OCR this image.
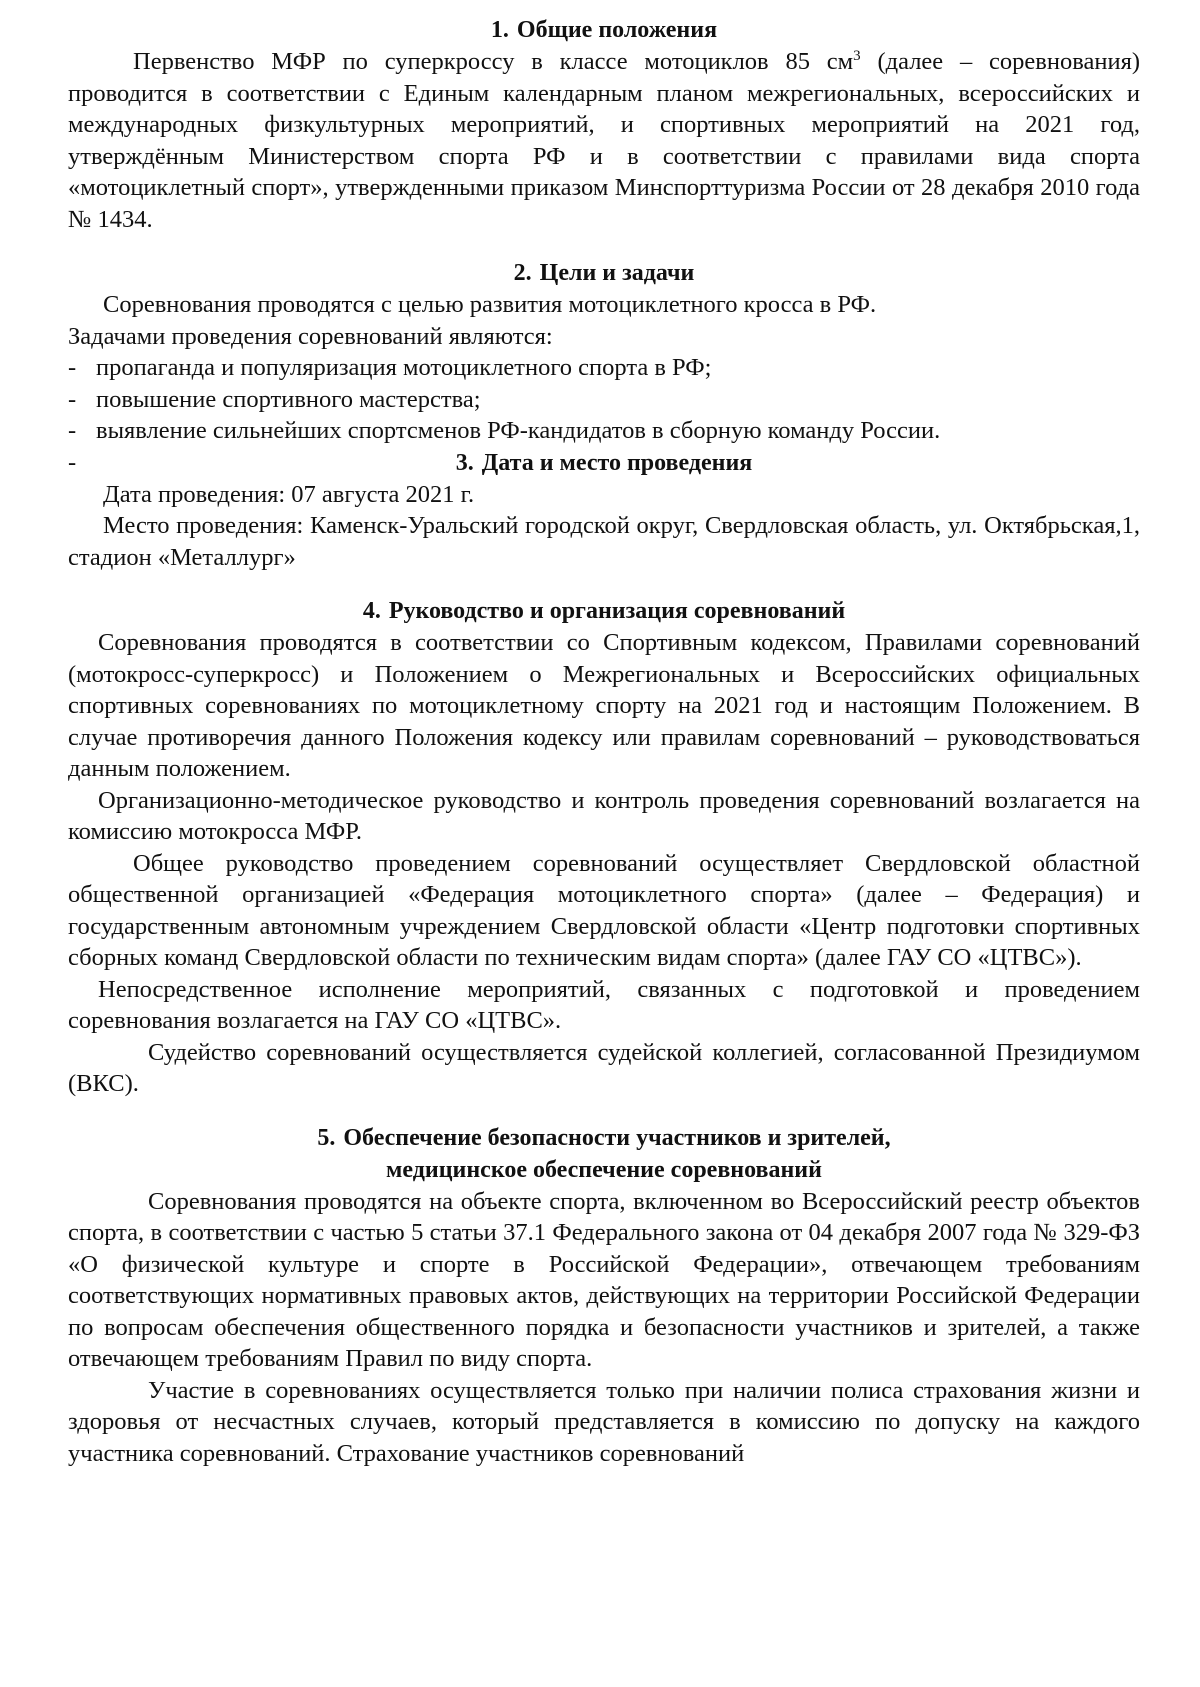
1. Общие положения

Первенство МФР по суперкроссу в классе мотоциклов 85 $см^3$ (далее – соревнования) проводится в соответствии с Единым календарным планом межрегиональных, всероссийских и международных физкультурных мероприятий, и спортивных мероприятий на 2021 год, утверждённым Министерством спорта РФ и в соответствии с правилами вида спорта «мотоциклетный спорт», утвержденными приказом Минспорттуризма России от 28 декабря 2010 года № 1434.

2. Цели и задачи

Соревнования проводятся с целью развития мотоциклетного кросса в РФ.

Задачами проведения соревнований являются:

- пропаганда и популяризация мотоциклетного спорта в РФ;
- повышение спортивного мастерства;
- выявление сильнейших спортсменов РФ-кандидатов в сборную команду России.
3. Дата и место проведения

Дата проведения: 07 августа 2021 г.

Место проведения: Каменск-Уральский городской округ, Свердловская область, ул. Октябрьская,1, стадион «Металлург»

4. Руководство и организация соревнований

Соревнования проводятся в соответствии со Спортивным кодексом, Правилами соревнований (мотокросс-суперкросс) и Положением о Межрегиональных и Всероссийских официальных спортивных соревнованиях по мотоциклетному спорту на 2021 год и настоящим Положением. В случае противоречия данного Положения кодексу или правилам соревнований – руководствоваться данным положением.

Организационно-методическое руководство и контроль проведения соревнований возлагается на комиссию мотокросса МФР.

Общее руководство проведением соревнований осуществляет Свердловской областной общественной организацией «Федерация мотоциклетного спорта» (далее – Федерация) и государственным автономным учреждением Свердловской области «Центр подготовки спортивных сборных команд Свердловской области по техническим видам спорта» (далее ГАУ СО «ЦТВС»).

Непосредственное исполнение мероприятий, связанных с подготовкой и проведением соревнования возлагается на ГАУ СО «ЦТВС».

Судейство соревнований осуществляется судейской коллегией, согласованной Президиумом (ВКС).

5. Обеспечение безопасности участников и зрителей,
медицинское обеспечение соревнований

Соревнования проводятся на объекте спорта, включенном во Всероссийский реестр объектов спорта, в соответствии с частью 5 статьи 37.1 Федерального закона от 04 декабря 2007 года № 329-ФЗ «О физической культуре и спорте в Российской Федерации», отвечающем требованиям соответствующих нормативных правовых актов, действующих на территории Российской Федерации по вопросам обеспечения общественного порядка и безопасности участников и зрителей, а также отвечающем требованиям Правил по виду спорта.

Участие в соревнованиях осуществляется только при наличии полиса страхования жизни и здоровья от несчастных случаев, который представляется в комиссию по допуску на каждого участника соревнований. Страхование участников соревнований
